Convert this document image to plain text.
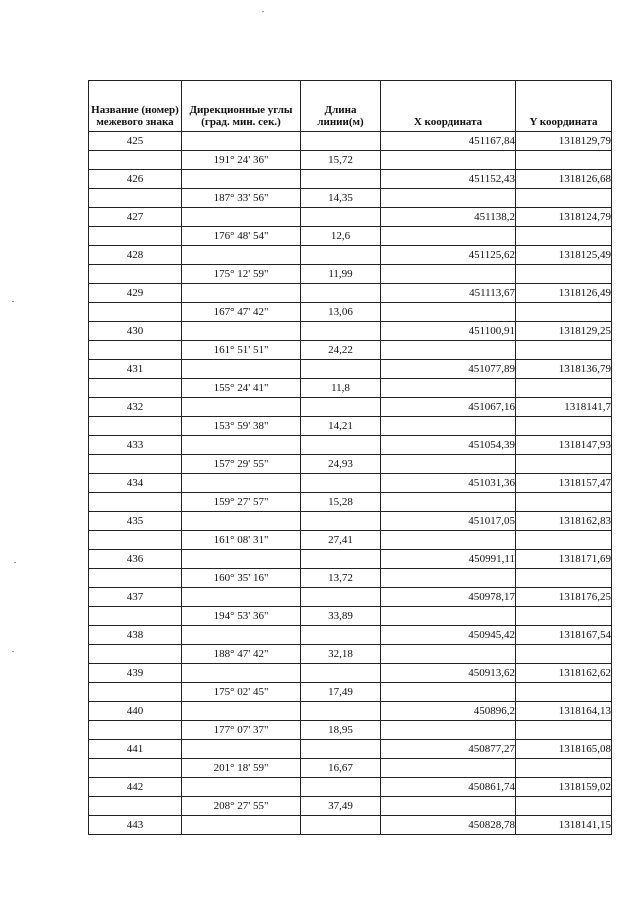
Название (номер) межевого знака	Дирекционные углы (град. мин. сек.)	Длина линии(м)	X координата	Y координата
425			451167,84	1318129,79
	191° 24' 36"	15,72		
426			451152,43	1318126,68
	187° 33' 56"	14,35		
427			451138,2	1318124,79
	176° 48' 54"	12,6		
428			451125,62	1318125,49
	175° 12' 59"	11,99		
429			451113,67	1318126,49
	167° 47' 42"	13,06		
430			451100,91	1318129,25
	161° 51' 51"	24,22		
431			451077,89	1318136,79
	155° 24' 41"	11,8		
432			451067,16	1318141,7
	153° 59' 38"	14,21		
433			451054,39	1318147,93
	157° 29' 55"	24,93		
434			451031,36	1318157,47
	159° 27' 57"	15,28		
435			451017,05	1318162,83
	161° 08' 31"	27,41		
436			450991,11	1318171,69
	160° 35' 16"	13,72		
437			450978,17	1318176,25
	194° 53' 36"	33,89		
438			450945,42	1318167,54
	188° 47' 42"	32,18		
439			450913,62	1318162,62
	175° 02' 45"	17,49		
440			450896,2	1318164,13
	177° 07' 37"	18,95		
441			450877,27	1318165,08
	201° 18' 59"	16,67		
442			450861,74	1318159,02
	208° 27' 55"	37,49		
443			450828,78	1318141,15
